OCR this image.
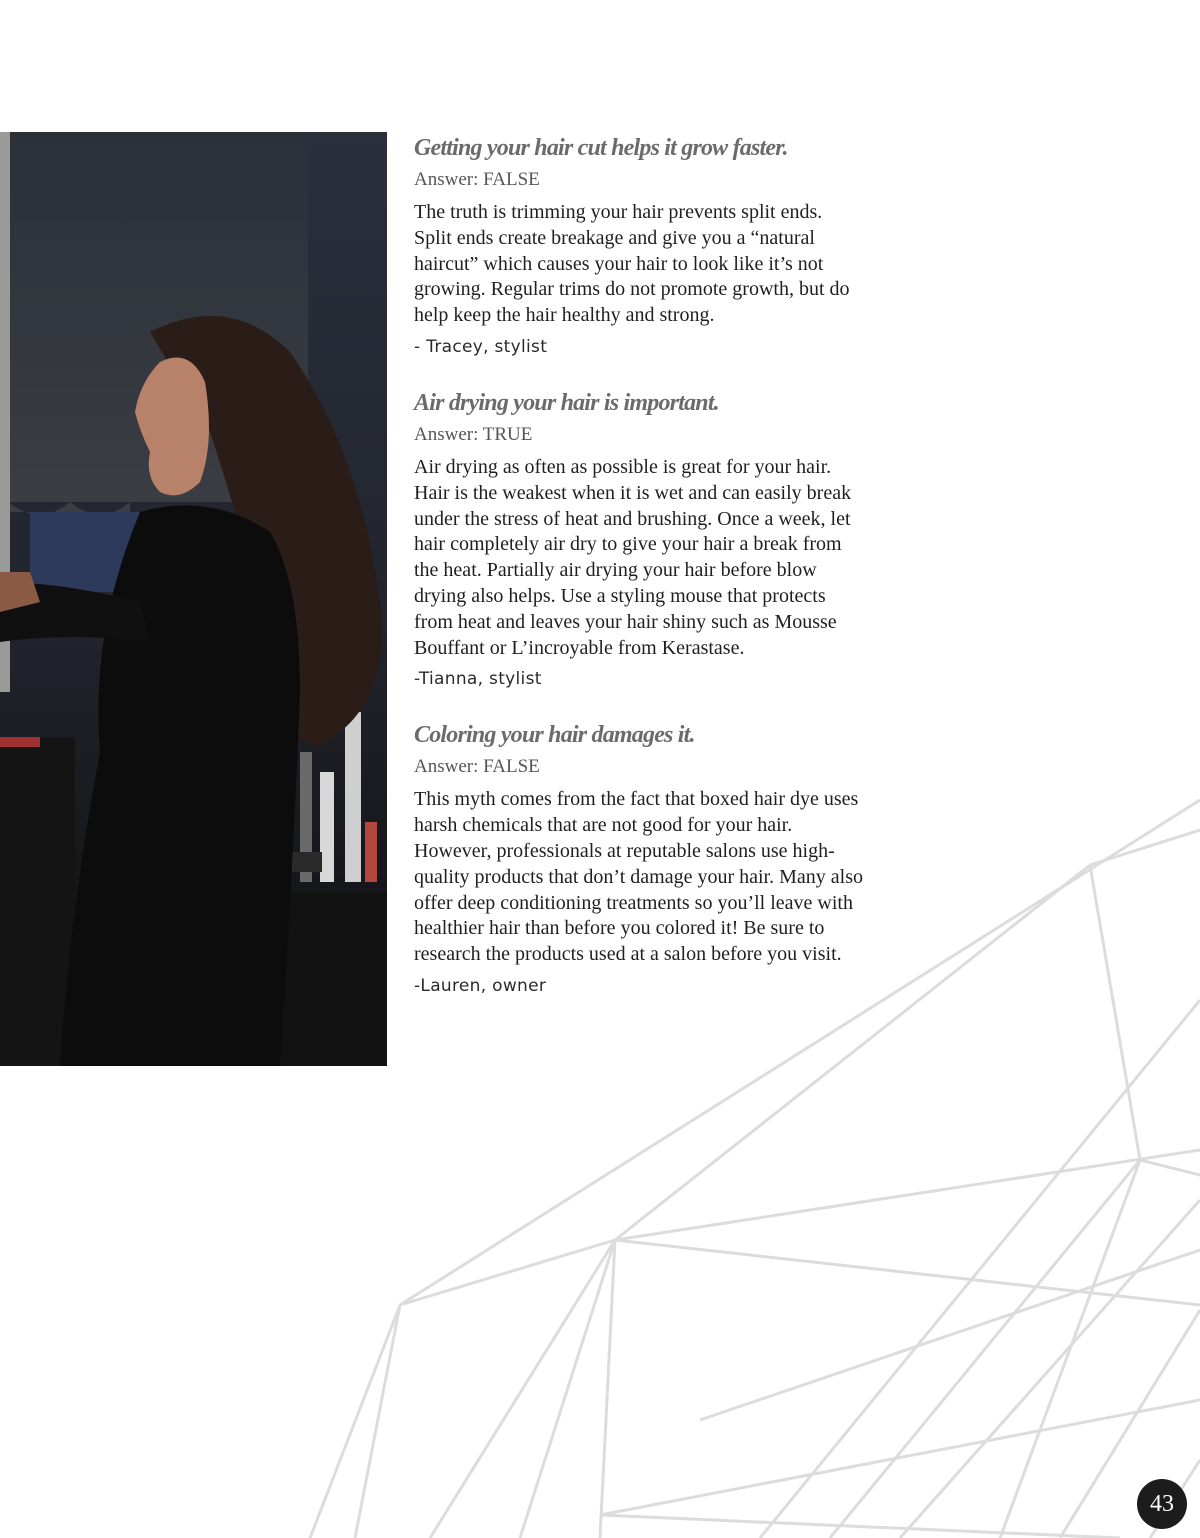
Getting your hair cut helps it grow faster.
Answer: FALSE

The truth is trimming your hair prevents split ends. Split ends create breakage and give you a “natural haircut” which causes your hair to look like it’s not growing. Regular trims do not promote growth, but do help keep the hair healthy and strong.

- Tracey, stylist
Air drying your hair is important.
Answer: TRUE

Air drying as often as possible is great for your hair. Hair is the weakest when it is wet and can easily break under the stress of heat and brushing. Once a week, let hair completely air dry to give your hair a break from the heat. Partially air drying your hair before blow drying also helps. Use a styling mouse that protects from heat and leaves your hair shiny such as Mousse Bouffant or L’incroyable from Kerastase.

-Tianna, stylist
Coloring your hair damages it.
Answer: FALSE

This myth comes from the fact that boxed hair dye uses harsh chemicals that are not good for your hair. However, professionals at reputable salons use high-quality products that don’t damage your hair. Many also offer deep conditioning treatments so you’ll leave with healthier hair than before you colored it! Be sure to research the products used at a salon before you visit.

-Lauren, owner
43
